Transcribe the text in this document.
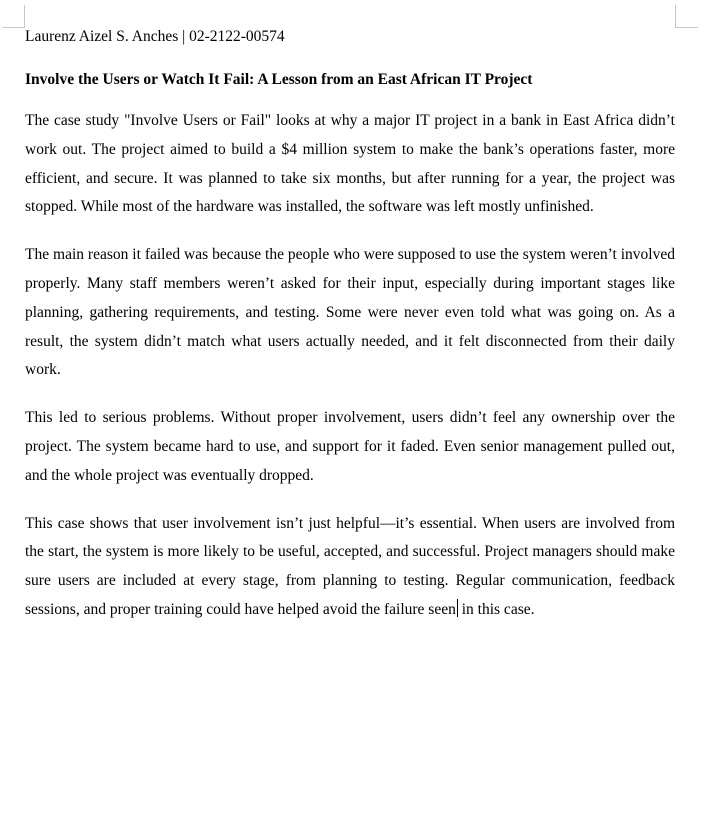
Laurenz Aizel S. Anches | 02-2122-00574

Involve the Users or Watch It Fail: A Lesson from an East African IT Project

The case study "Involve Users or Fail" looks at why a major IT project in a bank in East Africa didn’t work out. The project aimed to build a $4 million system to make the bank’s operations faster, more efficient, and secure. It was planned to take six months, but after running for a year, the project was stopped. While most of the hardware was installed, the software was left mostly unfinished.

The main reason it failed was because the people who were supposed to use the system weren’t involved properly. Many staff members weren’t asked for their input, especially during important stages like planning, gathering requirements, and testing. Some were never even told what was going on. As a result, the system didn’t match what users actually needed, and it felt disconnected from their daily work.

This led to serious problems. Without proper involvement, users didn’t feel any ownership over the project. The system became hard to use, and support for it faded. Even senior management pulled out, and the whole project was eventually dropped.

This case shows that user involvement isn’t just helpful—it’s essential. When users are involved from the start, the system is more likely to be useful, accepted, and successful. Project managers should make sure users are included at every stage, from planning to testing. Regular communication, feedback sessions, and proper training could have helped avoid the failure seen in this case.
